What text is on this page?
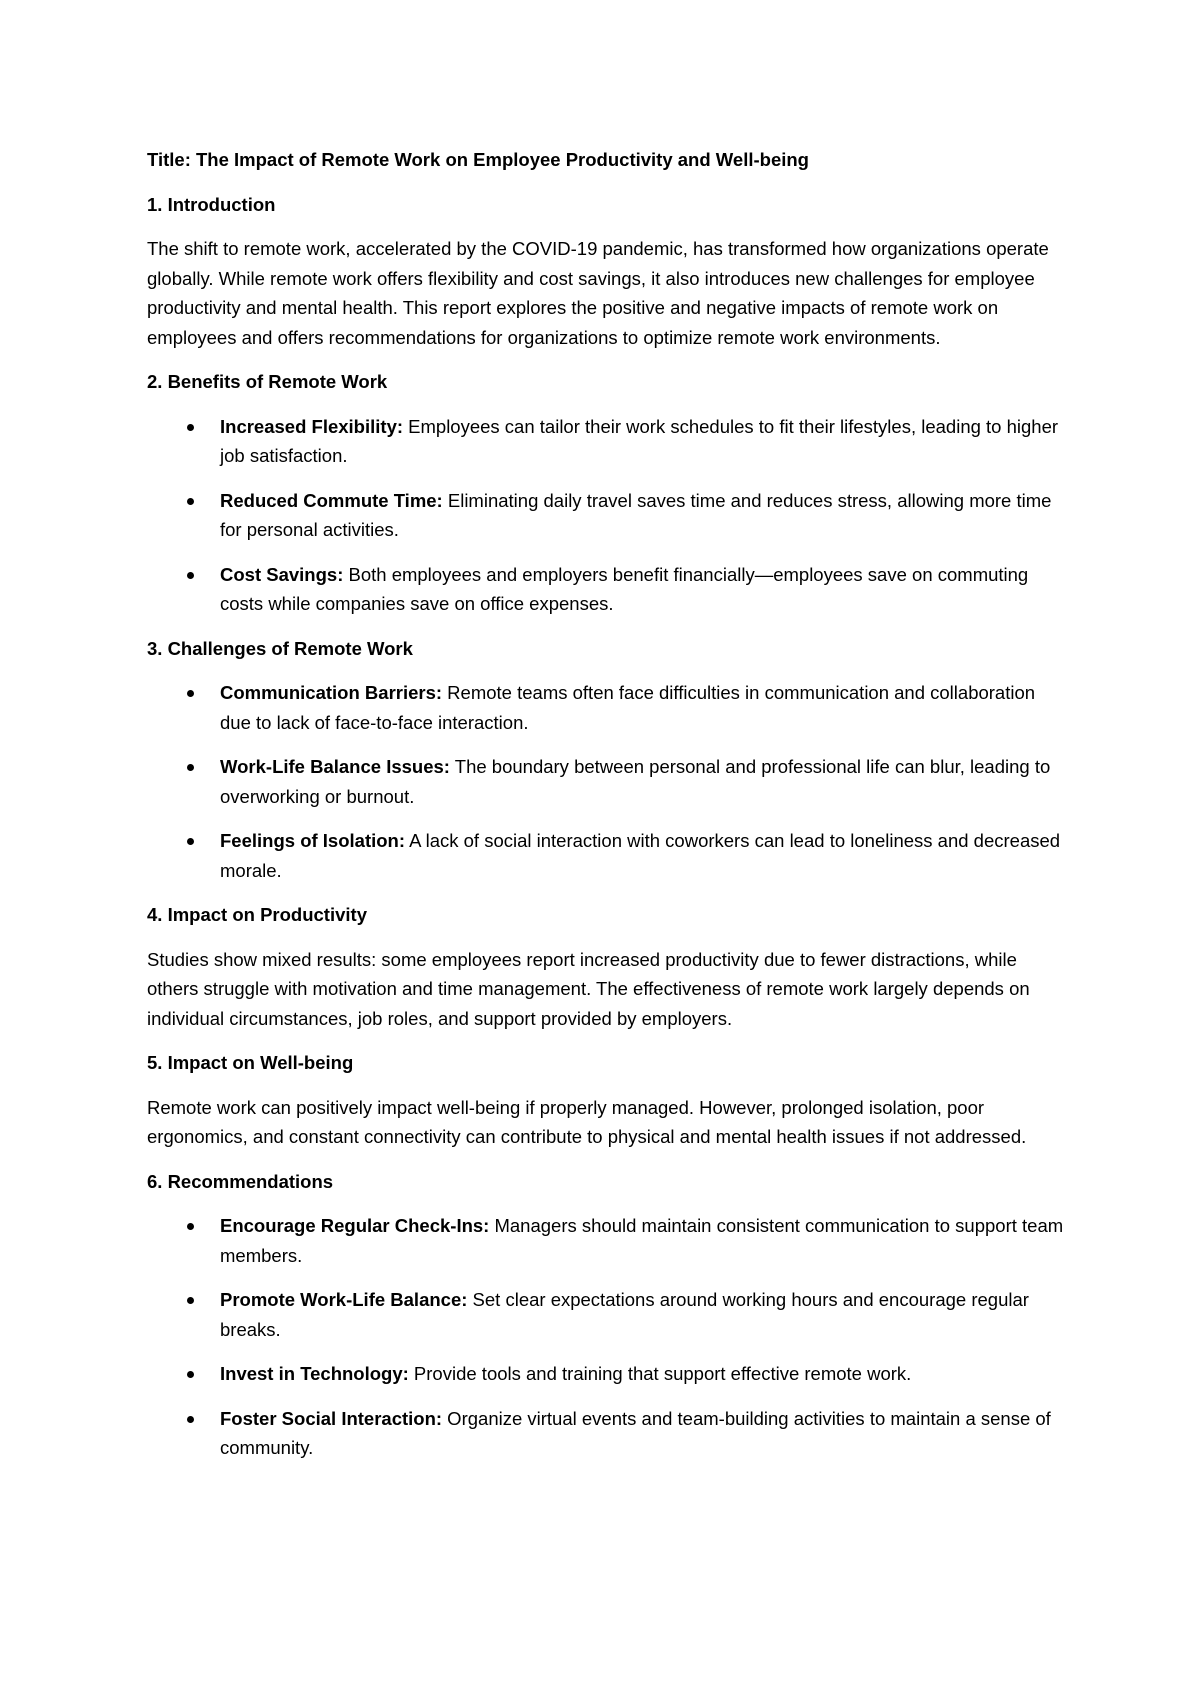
Title: The Impact of Remote Work on Employee Productivity and Well-being

1. Introduction

The shift to remote work, accelerated by the COVID-19 pandemic, has transformed how organizations operate globally. While remote work offers flexibility and cost savings, it also introduces new challenges for employee productivity and mental health. This report explores the positive and negative impacts of remote work on employees and offers recommendations for organizations to optimize remote work environments.

2. Benefits of Remote Work

Increased Flexibility: Employees can tailor their work schedules to fit their lifestyles, leading to higher job satisfaction.
Reduced Commute Time: Eliminating daily travel saves time and reduces stress, allowing more time for personal activities.
Cost Savings: Both employees and employers benefit financially—employees save on commuting costs while companies save on office expenses.

3. Challenges of Remote Work

Communication Barriers: Remote teams often face difficulties in communication and collaboration due to lack of face-to-face interaction.
Work-Life Balance Issues: The boundary between personal and professional life can blur, leading to overworking or burnout.
Feelings of Isolation: A lack of social interaction with coworkers can lead to loneliness and decreased morale.

4. Impact on Productivity

Studies show mixed results: some employees report increased productivity due to fewer distractions, while others struggle with motivation and time management. The effectiveness of remote work largely depends on individual circumstances, job roles, and support provided by employers.

5. Impact on Well-being

Remote work can positively impact well-being if properly managed. However, prolonged isolation, poor ergonomics, and constant connectivity can contribute to physical and mental health issues if not addressed.

6. Recommendations

Encourage Regular Check-Ins: Managers should maintain consistent communication to support team members.
Promote Work-Life Balance: Set clear expectations around working hours and encourage regular breaks.
Invest in Technology: Provide tools and training that support effective remote work.
Foster Social Interaction: Organize virtual events and team-building activities to maintain a sense of community.
